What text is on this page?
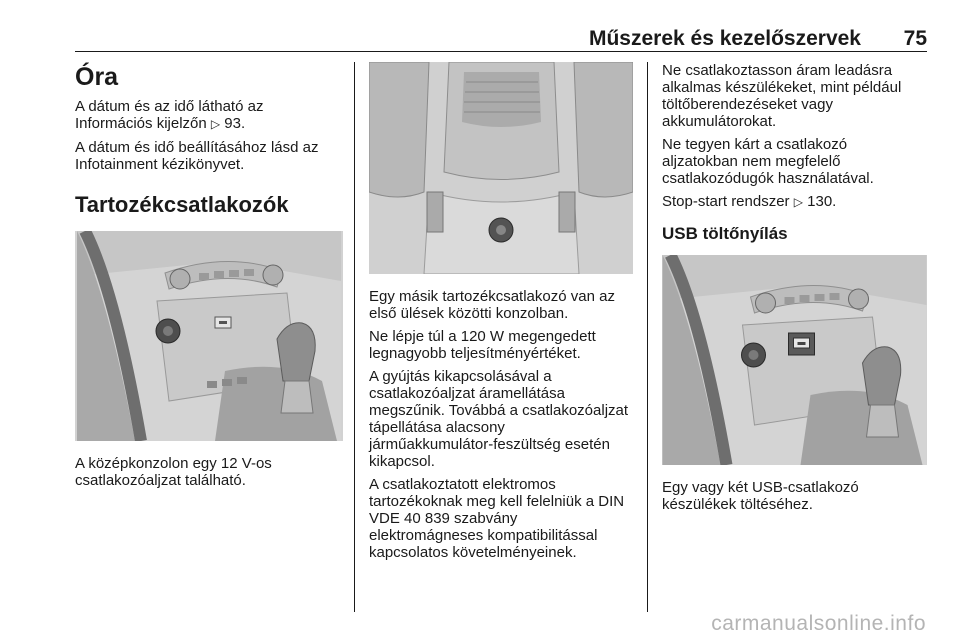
Műszerek és kezelőszervek 75
Óra

A dátum és az idő látható az Információs kijelzőn ▷ 93.

A dátum és idő beállításához lásd az Infotainment kézikönyvet.

Tartozékcsatlakozók

A középkonzolon egy 12 V-os csatlakozóaljzat található.

Egy másik tartozékcsatlakozó van az első ülések közötti konzolban.

Ne lépje túl a 120 W megengedett legnagyobb teljesítményértéket.

A gyújtás kikapcsolásával a csatlakozóaljzat áramellátása megszűnik. Továbbá a csatlakozóaljzat tápellátása alacsony járműakkumulátor-feszültség esetén kikapcsol.

A csatlakoztatott elektromos tartozékoknak meg kell felelniük a DIN VDE 40 839 szabvány elektromágneses kompatibilitással kapcsolatos követelményeinek.

Ne csatlakoztasson áram leadásra alkalmas készülékeket, mint például töltőberendezéseket vagy akkumulátorokat.

Ne tegyen kárt a csatlakozó aljzatokban nem megfelelő csatlakozódugók használatával.

Stop-start rendszer ▷ 130.

USB töltőnyílás

Egy vagy két USB-csatlakozó készülékek töltéséhez.

carmanualsonline.info
